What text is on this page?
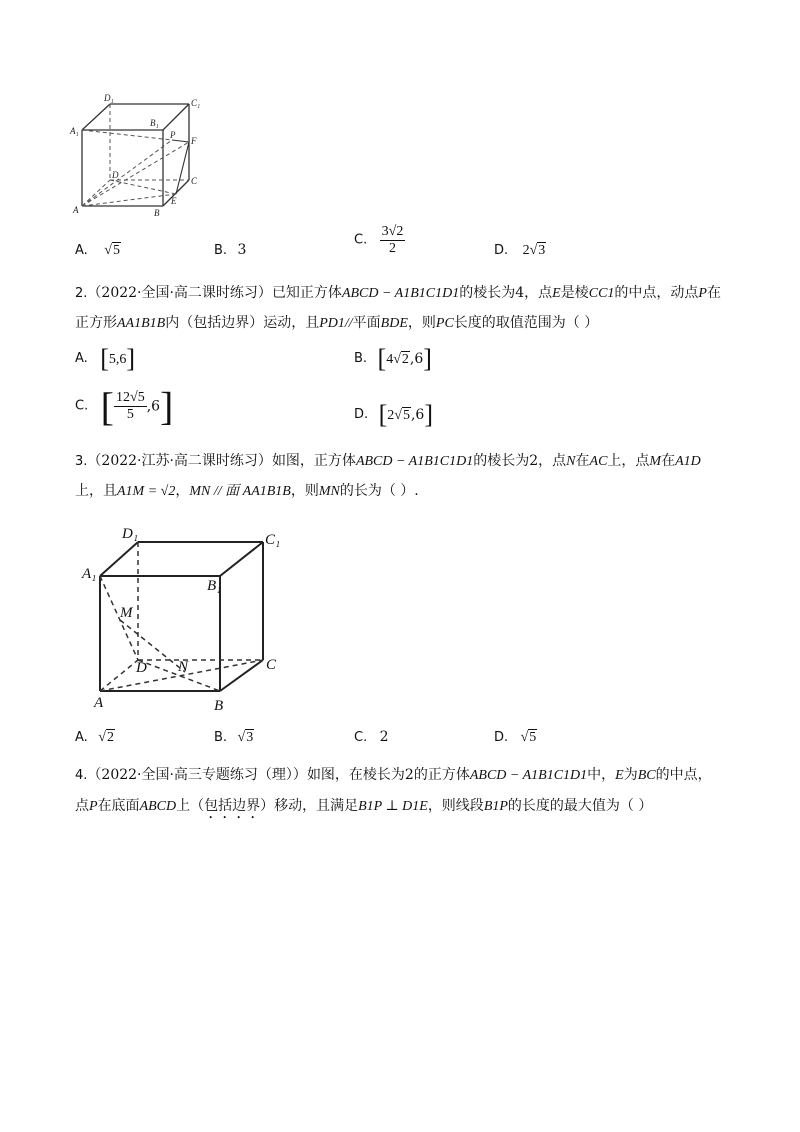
D₁	C₁
A₁
B₁
P
F
D
C
A
E
B
A. √5	B. 3
C. $\frac{3√2}{2}$	D. 2√3
2.（2022·全国·高二课时练习）已知正方体ABCD − A1B1C1D1的棱长为4，点E是棱CC1的中点，动点P在
正方形AA1B1B内（包括边界）运动，且PD1//平面BDE，则PC长度的取值范围为（ ）
A. [5,6]	B. [4√2,6]
C. [ $\frac{12√5}{5} ,6$]	D. [2√5,6]
3.（2022·江苏·高二课时练习）如图，正方体ABCD − A1B1C1D1的棱长为2，点N在AC上，点M在A1D
上，且A1M = √2，MN // 面 AA1B1B，则MN的长为（ ）.
D₁	C₁
A₁
B₁
M
D N	C
A	B
A. √2	B. √3	C. 2	D. √5
4.（2022·全国·高三专题练习（理））如图，在棱长为2的正方体ABCD − A1B1C1D1中，E为BC的中点，
点P在底面ABCD上（包括边界）移动，且满足B1P ⊥ D1E，则线段B1P的长度的最大值为（ ）
